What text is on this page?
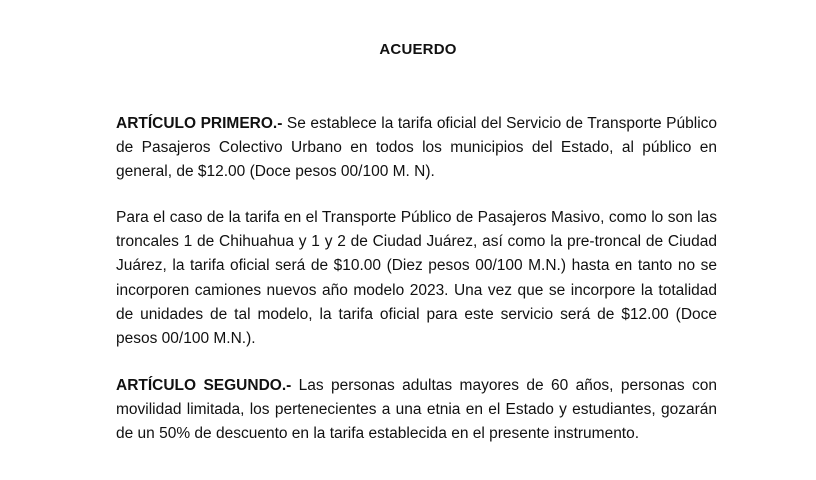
ACUERDO

ARTÍCULO PRIMERO.- Se establece la tarifa oficial del Servicio de Transporte Público de Pasajeros Colectivo Urbano en todos los municipios del Estado, al público en general, de $12.00 (Doce pesos 00/100 M. N).

Para el caso de la tarifa en el Transporte Público de Pasajeros Masivo, como lo son las troncales 1 de Chihuahua y 1 y 2 de Ciudad Juárez, así como la pre-troncal de Ciudad Juárez, la tarifa oficial será de $10.00 (Diez pesos 00/100 M.N.) hasta en tanto no se incorporen camiones nuevos año modelo 2023. Una vez que se incorpore la totalidad de unidades de tal modelo, la tarifa oficial para este servicio será de $12.00 (Doce pesos 00/100 M.N.).

ARTÍCULO SEGUNDO.- Las personas adultas mayores de 60 años, personas con movilidad limitada, los pertenecientes a una etnia en el Estado y estudiantes, gozarán de un 50% de descuento en la tarifa establecida en el presente instrumento.
